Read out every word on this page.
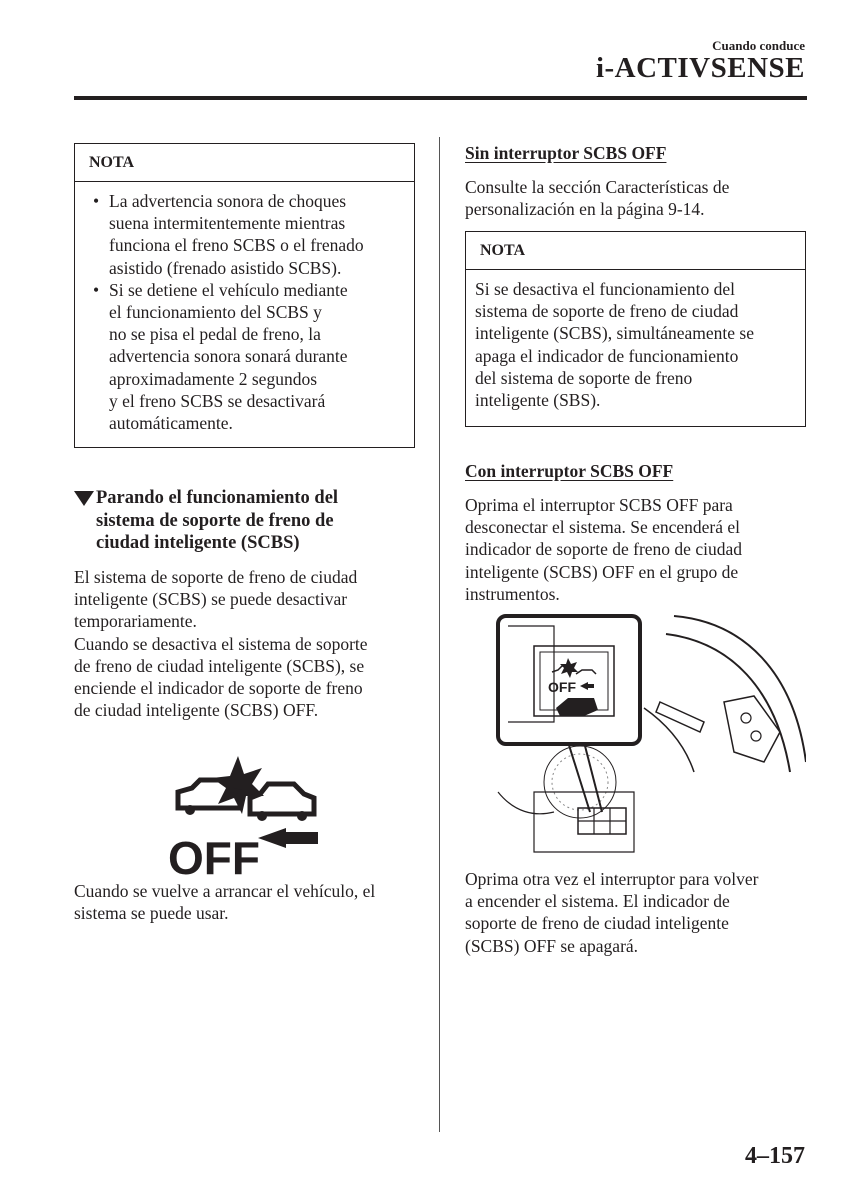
Cuando conduce
i-ACTIVSENSE
NOTA
• La advertencia sonora de choques
suena intermitentemente mientras
funciona el freno SCBS o el frenado
asistido (frenado asistido SCBS).
• Si se detiene el vehículo mediante
el funcionamiento del SCBS y
no se pisa el pedal de freno, la
advertencia sonora sonará durante
aproximadamente 2 segundos
y el freno SCBS se desactivará
automáticamente.
Parando el funcionamiento del
sistema de soporte de freno de
ciudad inteligente (SCBS)
El sistema de soporte de freno de ciudad
inteligente (SCBS) se puede desactivar
temporariamente.
Cuando se desactiva el sistema de soporte
de freno de ciudad inteligente (SCBS), se
enciende el indicador de soporte de freno
de ciudad inteligente (SCBS) OFF.
OFF
Cuando se vuelve a arrancar el vehículo, el
sistema se puede usar.
Sin interruptor SCBS OFF
Consulte la sección Características de
personalización en la página 9-14.
NOTA
Si se desactiva el funcionamiento del
sistema de soporte de freno de ciudad
inteligente (SCBS), simultáneamente se
apaga el indicador de funcionamiento
del sistema de soporte de freno
inteligente (SBS).
Con interruptor SCBS OFF
Oprima el interruptor SCBS OFF para
desconectar el sistema. Se encenderá el
indicador de soporte de freno de ciudad
inteligente (SCBS) OFF en el grupo de
instrumentos.
OFF
Oprima otra vez el interruptor para volver
a encender el sistema. El indicador de
soporte de freno de ciudad inteligente
(SCBS) OFF se apagará.
4–157
